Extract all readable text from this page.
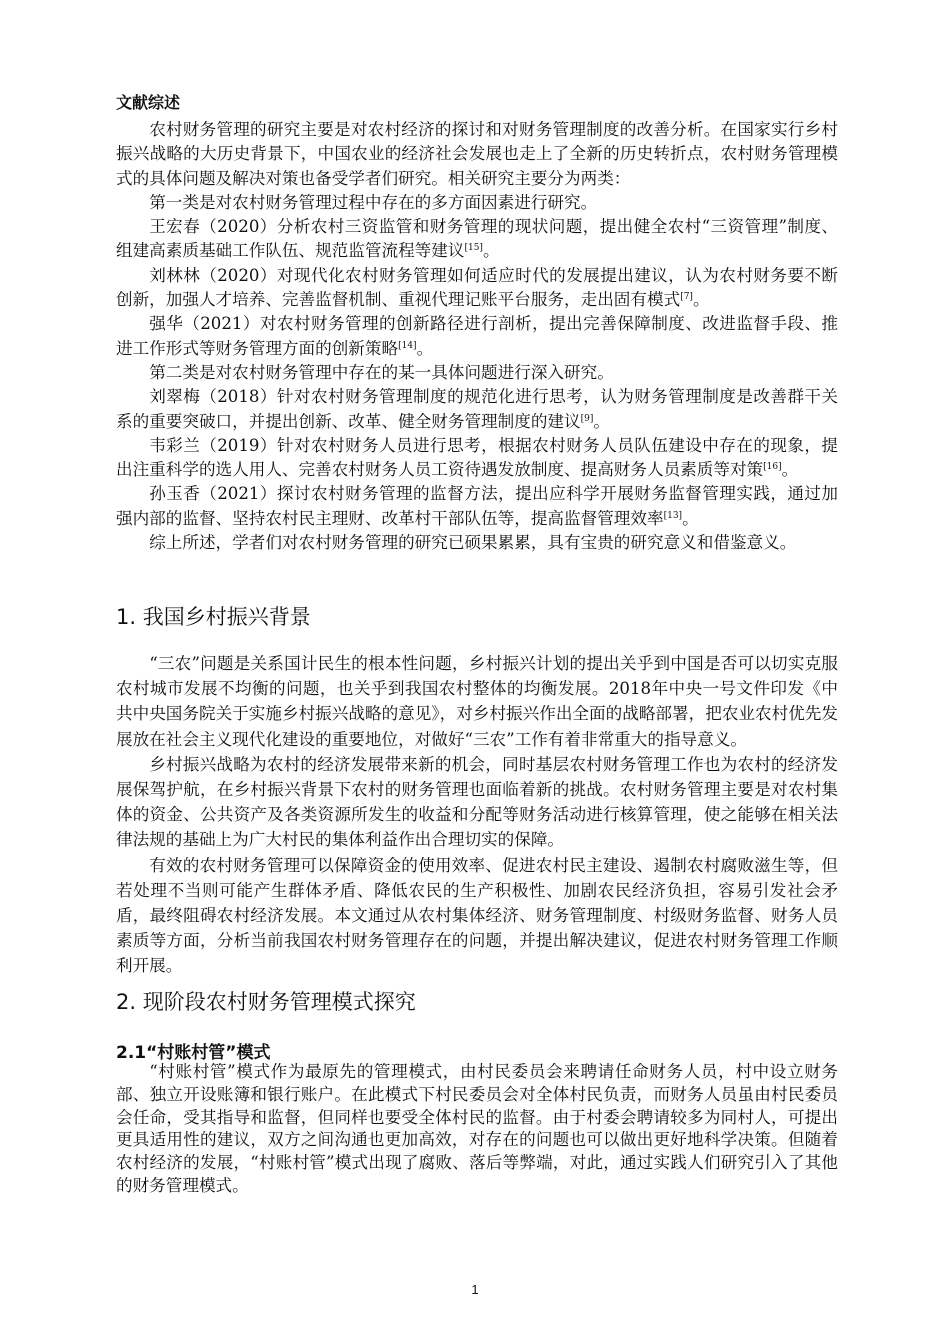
文献综述

农村财务管理的研究主要是对农村经济的探讨和对财务管理制度的改善分析。在国家实行乡村振兴战略的大历史背景下，中国农业的经济社会发展也走上了全新的历史转折点，农村财务管理模式的具体问题及解决对策也备受学者们研究。相关研究主要分为两类：

第一类是对农村财务管理过程中存在的多方面因素进行研究。

王宏春（2020）分析农村三资监管和财务管理的现状问题，提出健全农村“三资管理”制度、组建高素质基础工作队伍、规范监管流程等建议[15]。

刘林林（2020）对现代化农村财务管理如何适应时代的发展提出建议，认为农村财务要不断创新，加强人才培养、完善监督机制、重视代理记账平台服务，走出固有模式[7]。

强华（2021）对农村财务管理的创新路径进行剖析，提出完善保障制度、改进监督手段、推进工作形式等财务管理方面的创新策略[14]。

第二类是对农村财务管理中存在的某一具体问题进行深入研究。

刘翠梅（2018）针对农村财务管理制度的规范化进行思考，认为财务管理制度是改善群干关系的重要突破口，并提出创新、改革、健全财务管理制度的建议[9]。

韦彩兰（2019）针对农村财务人员进行思考，根据农村财务人员队伍建设中存在的现象，提出注重科学的选人用人、完善农村财务人员工资待遇发放制度、提高财务人员素质等对策[16]。

孙玉香（2021）探讨农村财务管理的监督方法，提出应科学开展财务监督管理实践，通过加强内部的监督、坚持农村民主理财、改革村干部队伍等，提高监督管理效率[13]。

综上所述，学者们对农村财务管理的研究已硕果累累，具有宝贵的研究意义和借鉴意义。

1. 我国乡村振兴背景

“三农”问题是关系国计民生的根本性问题，乡村振兴计划的提出关乎到中国是否可以切实克服农村城市发展不均衡的问题，也关乎到我国农村整体的均衡发展。2018年中央一号文件印发《中共中央国务院关于实施乡村振兴战略的意见》，对乡村振兴作出全面的战略部署，把农业农村优先发展放在社会主义现代化建设的重要地位，对做好“三农”工作有着非常重大的指导意义。

乡村振兴战略为农村的经济发展带来新的机会，同时基层农村财务管理工作也为农村的经济发展保驾护航，在乡村振兴背景下农村的财务管理也面临着新的挑战。农村财务管理主要是对农村集体的资金、公共资产及各类资源所发生的收益和分配等财务活动进行核算管理，使之能够在相关法律法规的基础上为广大村民的集体利益作出合理切实的保障。

有效的农村财务管理可以保障资金的使用效率、促进农村民主建设、遏制农村腐败滋生等，但若处理不当则可能产生群体矛盾、降低农民的生产积极性、加剧农民经济负担，容易引发社会矛盾，最终阻碍农村经济发展。本文通过从农村集体经济、财务管理制度、村级财务监督、财务人员素质等方面，分析当前我国农村财务管理存在的问题，并提出解决建议，促进农村财务管理工作顺利开展。

2. 现阶段农村财务管理模式探究
2.1“村账村管”模式

“村账村管”模式作为最原先的管理模式，由村民委员会来聘请任命财务人员，村中设立财务部、独立开设账簿和银行账户。在此模式下村民委员会对全体村民负责，而财务人员虽由村民委员会任命，受其指导和监督，但同样也要受全体村民的监督。由于村委会聘请较多为同村人，可提出更具适用性的建议，双方之间沟通也更加高效，对存在的问题也可以做出更好地科学决策。但随着农村经济的发展，“村账村管”模式出现了腐败、落后等弊端，对此，通过实践人们研究引入了其他的财务管理模式。

1
